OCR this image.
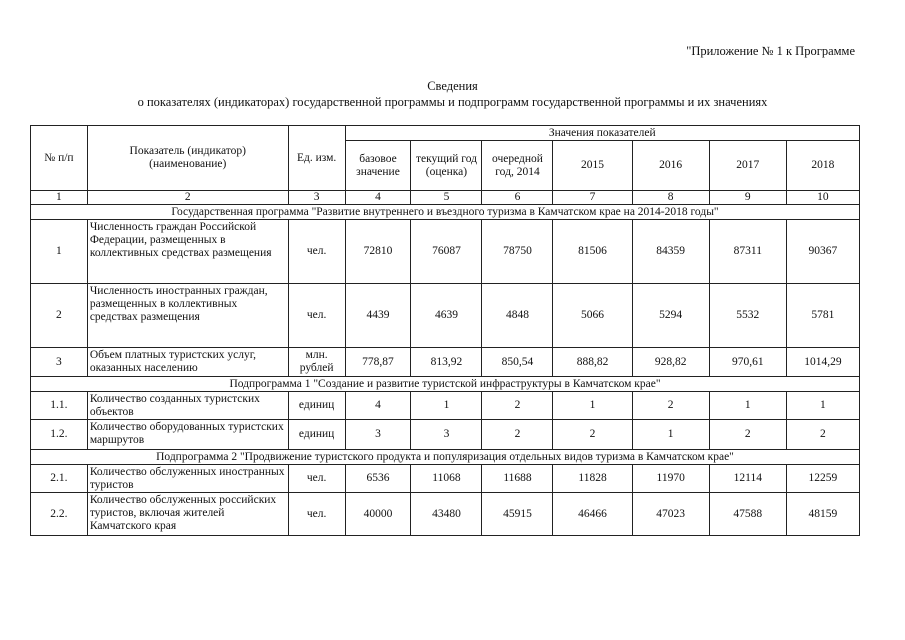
"Приложение № 1 к Программе
Сведения
о показателях (индикаторах) государственной программы и подпрограмм государственной программы и их значениях
№ п/п	Показатель (индикатор) (наименование)	Ед. изм.	Значения показателей						
			базовое значение	текущий год (оценка)	очередной год, 2014	2015	2016	2017	2018
1	2	3	4	5	6	7	8	9	10
Государственная программа "Развитие внутреннего и въездного туризма в Камчатском крае на 2014-2018 годы"									
1	Численность граждан Российской Федерации, размещенных в коллективных средствах размещения	чел.	72810	76087	78750	81506	84359	87311	90367
2	Численность иностранных граждан, размещенных в коллективных средствах размещения	чел.	4439	4639	4848	5066	5294	5532	5781
3	Объем платных туристских услуг, оказанных населению	млн. рублей	778,87	813,92	850,54	888,82	928,82	970,61	1014,29
Подпрограмма 1 "Создание и развитие туристской инфраструктуры в Камчатском крае"									
1.1.	Количество созданных туристских объектов	единиц	4	1	2	1	2	1	1
1.2.	Количество оборудованных туристских маршрутов	единиц	3	3	2	2	1	2	2
Подпрограмма 2 "Продвижение туристского продукта и популяризация отдельных видов туризма в Камчатском крае"									
2.1.	Количество обслуженных иностранных туристов	чел.	6536	11068	11688	11828	11970	12114	12259
2.2.	Количество обслуженных российских туристов, включая жителей Камчатского края	чел.	40000	43480	45915	46466	47023	47588	48159
